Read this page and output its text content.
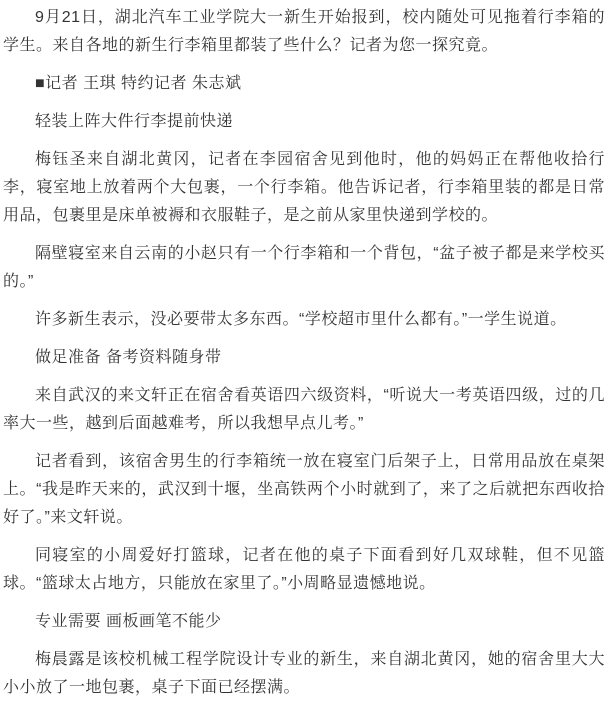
9月21日，湖北汽车工业学院大一新生开始报到，校内随处可见拖着行李箱的学生。来自各地的新生行李箱里都装了些什么？记者为您一探究竟。

■记者 王琪 特约记者 朱志斌

轻装上阵大件行李提前快递

梅钰圣来自湖北黄冈，记者在李园宿舍见到他时，他的妈妈正在帮他收拾行李，寝室地上放着两个大包裹，一个行李箱。他告诉记者，行李箱里装的都是日常用品，包裹里是床单被褥和衣服鞋子，是之前从家里快递到学校的。

隔壁寝室来自云南的小赵只有一个行李箱和一个背包，“盆子被子都是来学校买的。”

许多新生表示，没必要带太多东西。“学校超市里什么都有。”一学生说道。

做足准备 备考资料随身带

来自武汉的来文轩正在宿舍看英语四六级资料，“听说大一考英语四级，过的几率大一些，越到后面越难考，所以我想早点儿考。”

记者看到，该宿舍男生的行李箱统一放在寝室门后架子上，日常用品放在桌架上。“我是昨天来的，武汉到十堰，坐高铁两个小时就到了，来了之后就把东西收拾好了。”来文轩说。

同寝室的小周爱好打篮球，记者在他的桌子下面看到好几双球鞋，但不见篮球。“篮球太占地方，只能放在家里了。”小周略显遗憾地说。

专业需要 画板画笔不能少

梅晨露是该校机械工程学院设计专业的新生，来自湖北黄冈，她的宿舍里大大小小放了一地包裹，桌子下面已经摆满。
